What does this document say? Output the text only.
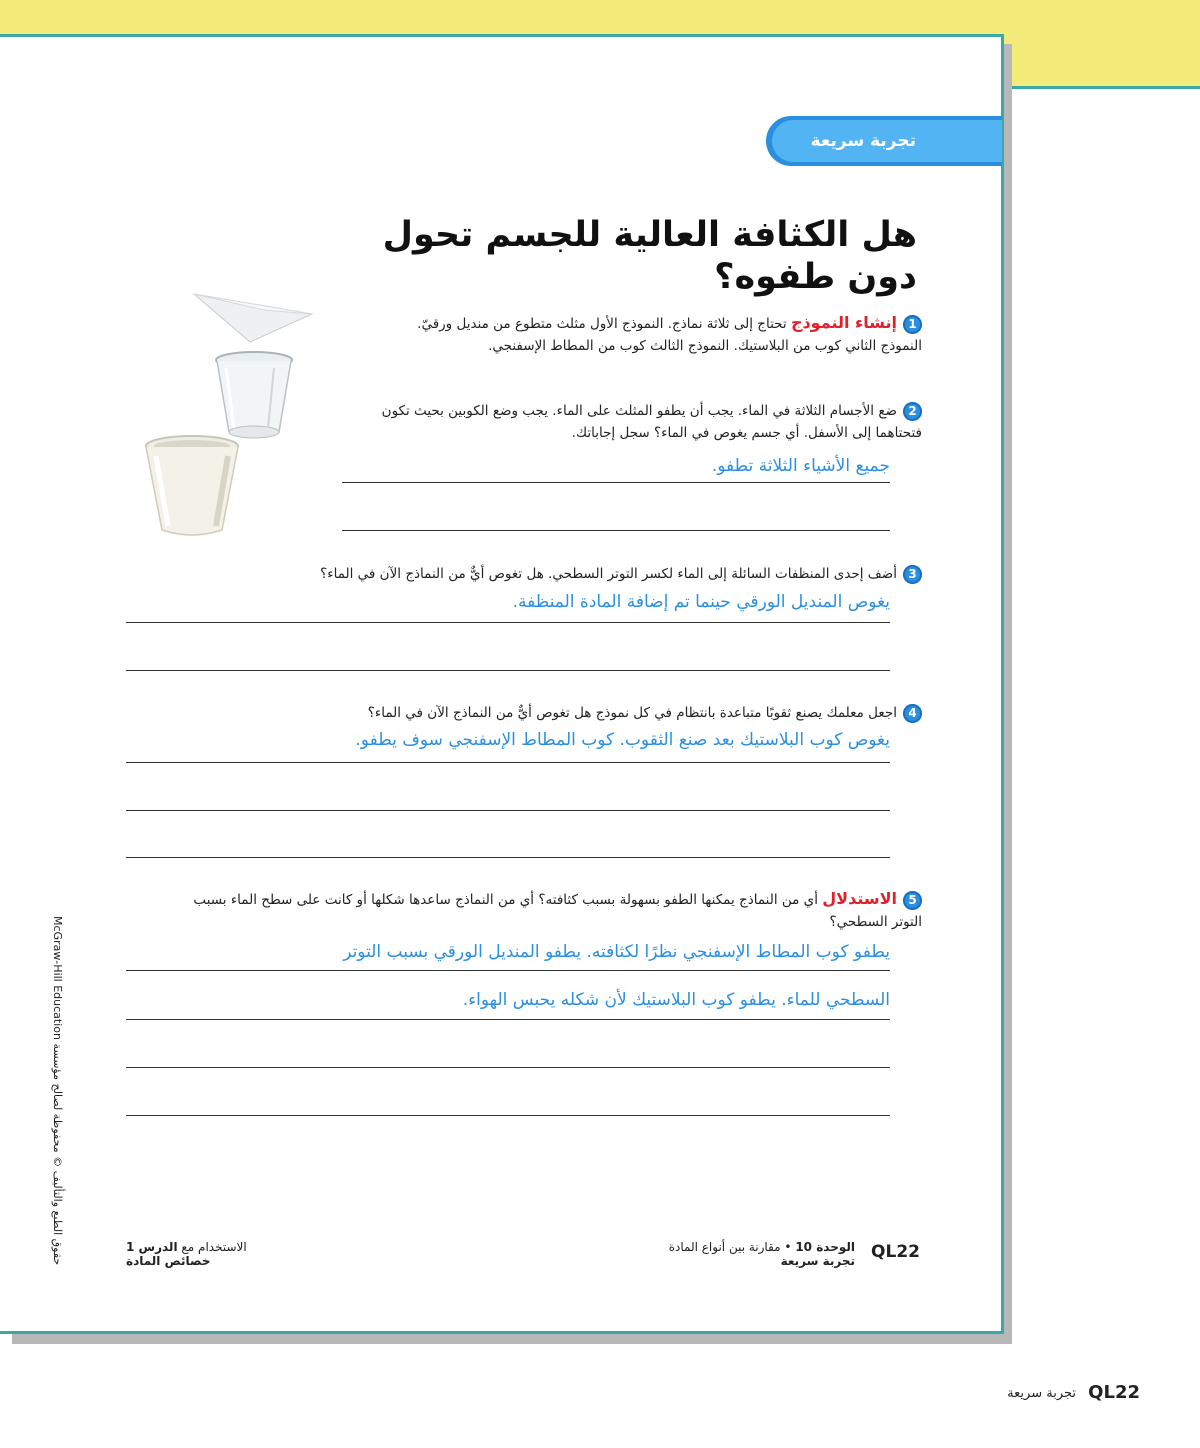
تجربة سريعة
هل الكثافة العالية للجسم تحول دون طفوه؟
1إنشاء النموذج تحتاج إلى ثلاثة نماذج. النموذج الأول مثلث متطوع من منديل ورقيّ.
النموذج الثاني كوب من البلاستيك. النموذج الثالث كوب من المطاط الإسفنجي.
2ضع الأجسام الثلاثة في الماء. يجب أن يطفو المثلث على الماء. يجب وضع الكوبين بحيث تكون فتحتاهما إلى الأسفل. أي جسم يغوص في الماء؟ سجل إجاباتك.
جميع الأشياء الثلاثة تطفو.
3أضف إحدى المنظفات السائلة إلى الماء لكسر التوتر السطحي. هل تغوص أيٌّ من النماذج الآن في الماء؟
يغوص المنديل الورقي حينما تم إضافة المادة المنظفة.
4اجعل معلمك يصنع ثقوبًا متباعدة بانتظام في كل نموذج هل تغوص أيٌّ من النماذج الآن في الماء؟
يغوص كوب البلاستيك بعد صنع الثقوب. كوب المطاط الإسفنجي سوف يطفو.
5الاستدلال أي من النماذج يمكنها الطفو بسهولة بسبب كثافته؟ أي من النماذج ساعدها شكلها أو كانت على سطح الماء بسبب التوتر السطحي؟
يطفو كوب المطاط الإسفنجي نظرًا لكثافته. يطفو المنديل الورقي بسبب التوتر
السطحي للماء. يطفو كوب البلاستيك لأن شكله يحبس الهواء.
McGraw-Hill Education حقوق الطبع والتأليف © محفوظة لصالح مؤسسة	QL22
الوحدة 10 • مقارنة بين أنواع المادة
تجربة سريعة
الاستخدام مع الدرس 1
خصائص المادة
QL22
تجربة سريعة
